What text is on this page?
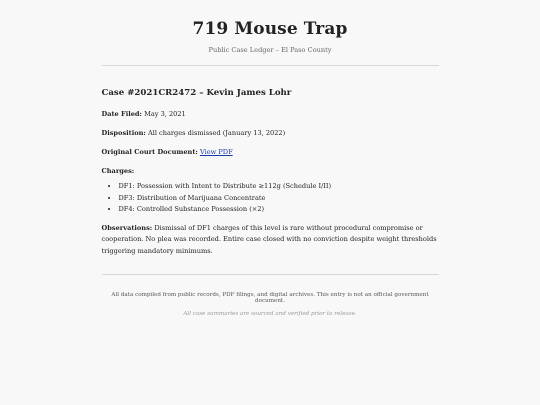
719 Mouse Trap
Public Case Ledger – El Paso County
Case #2021CR2472 – Kevin James Lohr
Date Filed: May 3, 2021
Disposition: All charges dismissed (January 13, 2022)
Original Court Document: View PDF
Charges:
• DF1: Possession with Intent to Distribute ≥112g (Schedule I/II)
• DF3: Distribution of Marijuana Concentrate
• DF4: Controlled Substance Possession (×2)

Observations: Dismissal of DF1 charges of this level is rare without procedural compromise or cooperation. No plea was recorded. Entire case closed with no conviction despite weight thresholds triggering mandatory minimums.

All data compiled from public records, PDF filings, and digital archives. This entry is not an official government document.
All case summaries are sourced and verified prior to release.
